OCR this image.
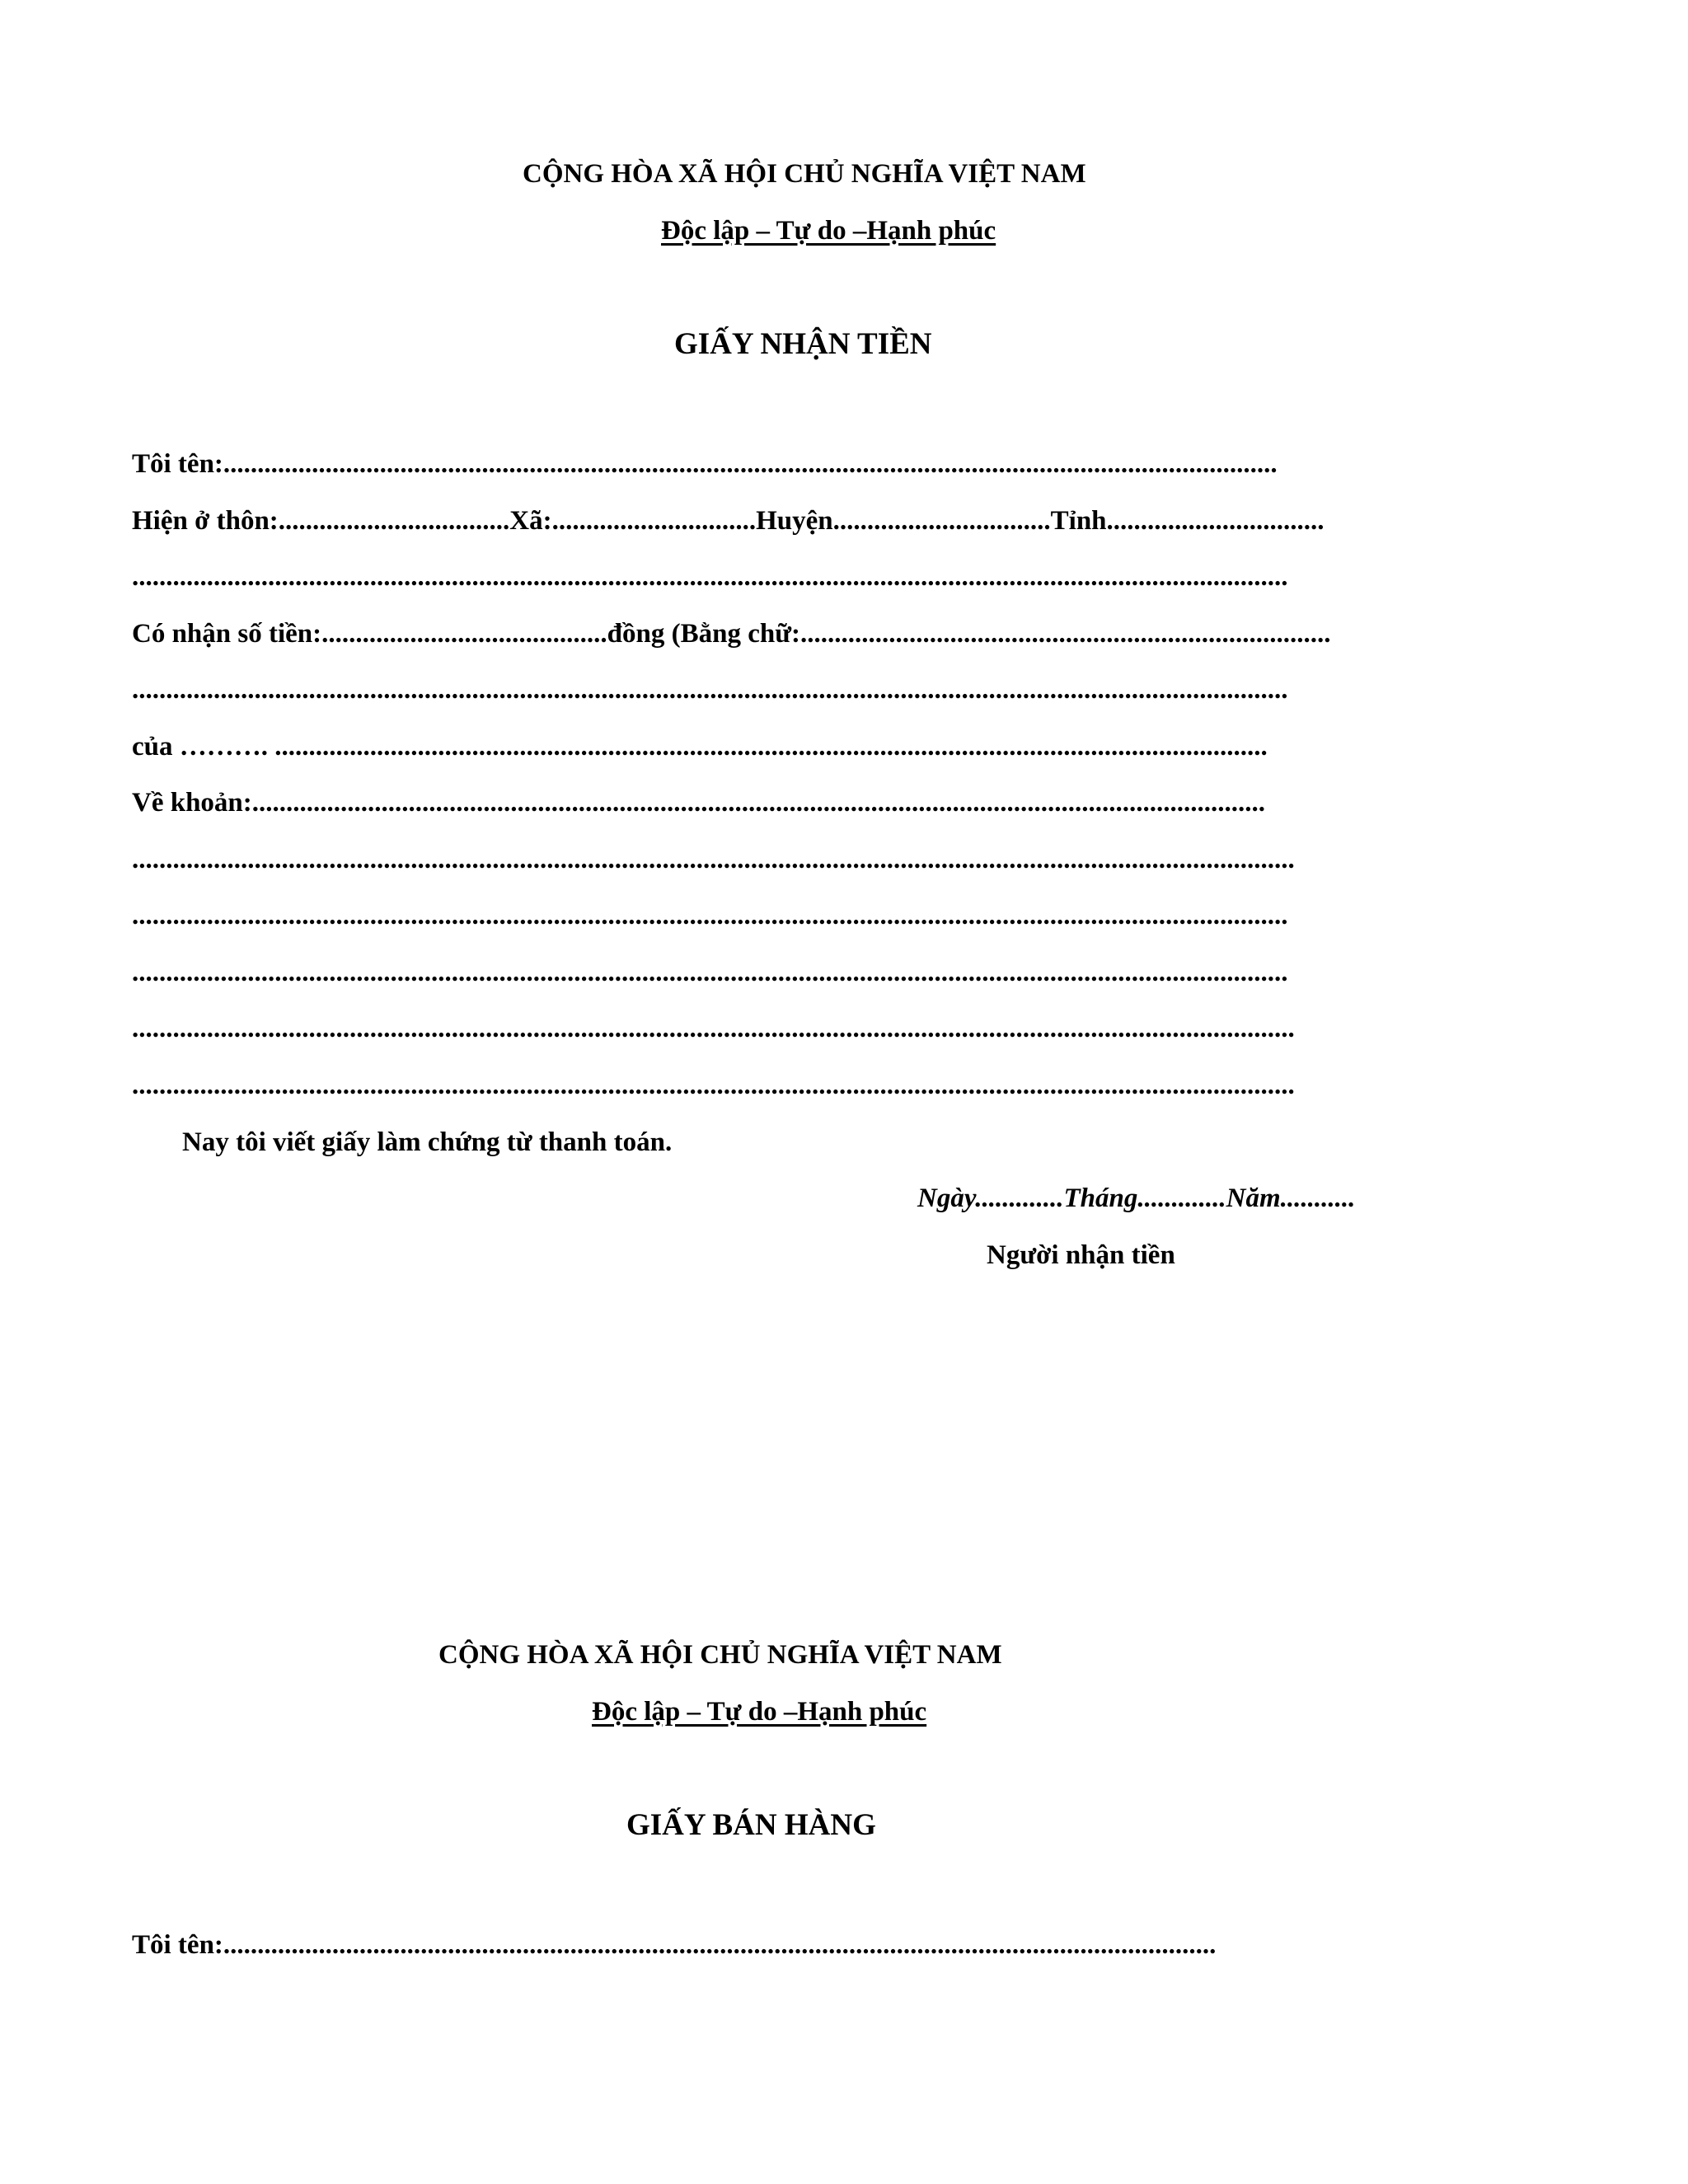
CỘNG HÒA XÃ HỘI CHỦ NGHĨA VIỆT NAM

Độc lập – Tự do –Hạnh phúc

GIẤY NHẬN TIỀN

Tôi tên:...........................................................................................................................................................

Hiện ở thôn:..................................Xã:..............................Huyện................................Tỉnh................................

..........................................................................................................................................................................

Có nhận số tiền:..........................................đồng (Bằng chữ:..............................................................................

..........................................................................................................................................................................

của ………. ..................................................................................................................................................

Về khoản:.....................................................................................................................................................

...........................................................................................................................................................................

..........................................................................................................................................................................

..........................................................................................................................................................................

...........................................................................................................................................................................

...........................................................................................................................................................................

Nay tôi viết giấy làm chứng từ thanh toán.

Ngày.............Tháng.............Năm...........

Người nhận tiền

CỘNG HÒA XÃ HỘI CHỦ NGHĨA VIỆT NAM

Độc lập – Tự do –Hạnh phúc

GIẤY BÁN HÀNG

Tôi tên:..................................................................................................................................................
